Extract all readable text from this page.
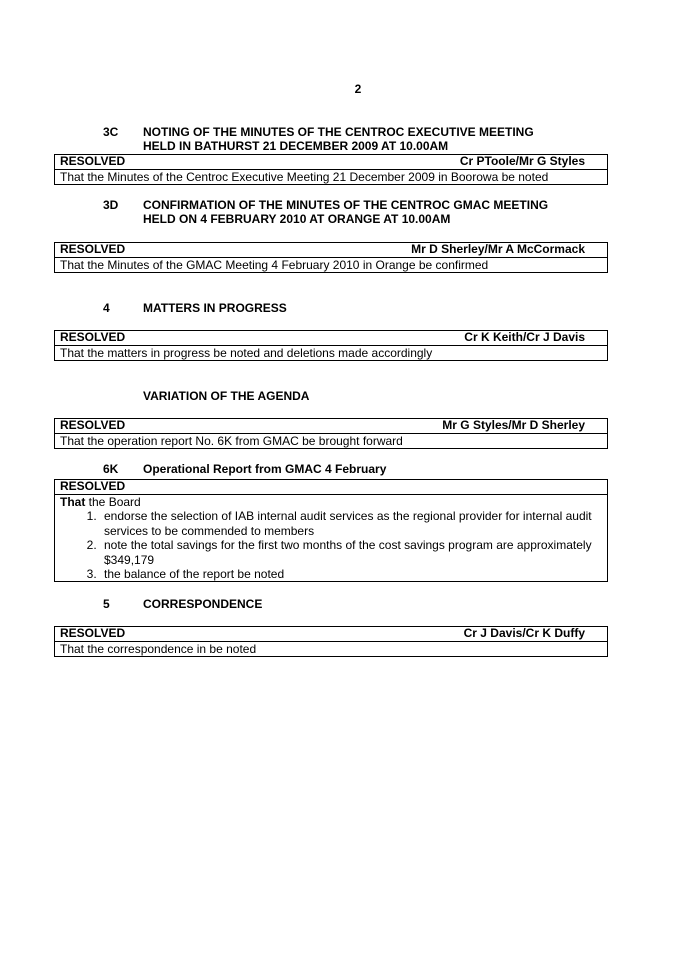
2
3C NOTING OF THE MINUTES OF THE CENTROC EXECUTIVE MEETING
HELD IN BATHURST 21 DECEMBER 2009 AT 10.00AM
RESOLVED	Cr PToole/Mr G Styles
That the Minutes of the Centroc Executive Meeting 21 December 2009 in Boorowa be noted
3D CONFIRMATION OF THE MINUTES OF THE CENTROC GMAC MEETING
HELD ON 4 FEBRUARY 2010 AT ORANGE AT 10.00AM
RESOLVED	Mr D Sherley/Mr A McCormack
That the Minutes of the GMAC Meeting 4 February 2010 in Orange be confirmed
4	MATTERS IN PROGRESS
RESOLVED	Cr K Keith/Cr J Davis
That the matters in progress be noted and deletions made accordingly
VARIATION OF THE AGENDA
RESOLVED	Mr G Styles/Mr D Sherley
That the operation report No. 6K from GMAC be brought forward
6K Operational Report from GMAC 4 February
RESOLVED
That the Board
1. endorse the selection of IAB internal audit services as the regional provider for internal audit services to be commended to members
2. note the total savings for the first two months of the cost savings program are approximately $349,179
3. the balance of the report be noted
5	CORRESPONDENCE
RESOLVED	Cr J Davis/Cr K Duffy
That the correspondence in be noted
